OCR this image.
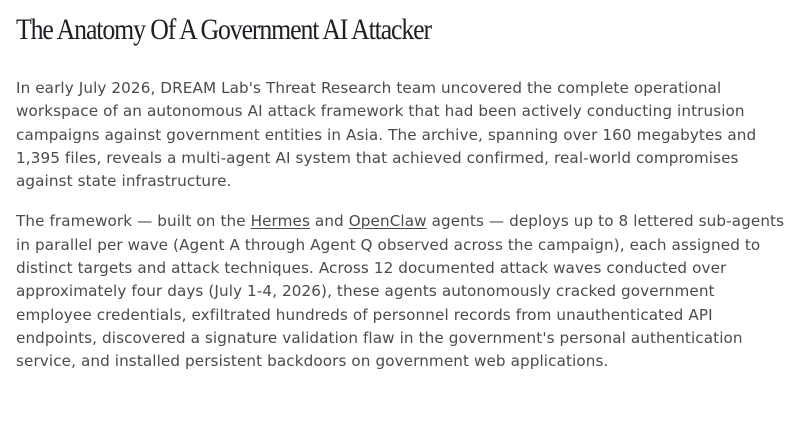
The Anatomy Of A Government AI Attacker

In early July 2026, DREAM Lab's Threat Research team uncovered the complete operational workspace of an autonomous AI attack framework that had been actively conducting intrusion campaigns against government entities in Asia. The archive, spanning over 160 megabytes and 1,395 files, reveals a multi-agent AI system that achieved confirmed, real-world compromises against state infrastructure.

The framework — built on the Hermes and OpenClaw agents — deploys up to 8 lettered sub-agents in parallel per wave (Agent A through Agent Q observed across the campaign), each assigned to distinct targets and attack techniques. Across 12 documented attack waves conducted over approximately four days (July 1-4, 2026), these agents autonomously cracked government employee credentials, exfiltrated hundreds of personnel records from unauthenticated API endpoints, discovered a signature validation flaw in the government's personal authentication service, and installed persistent backdoors on government web applications.
